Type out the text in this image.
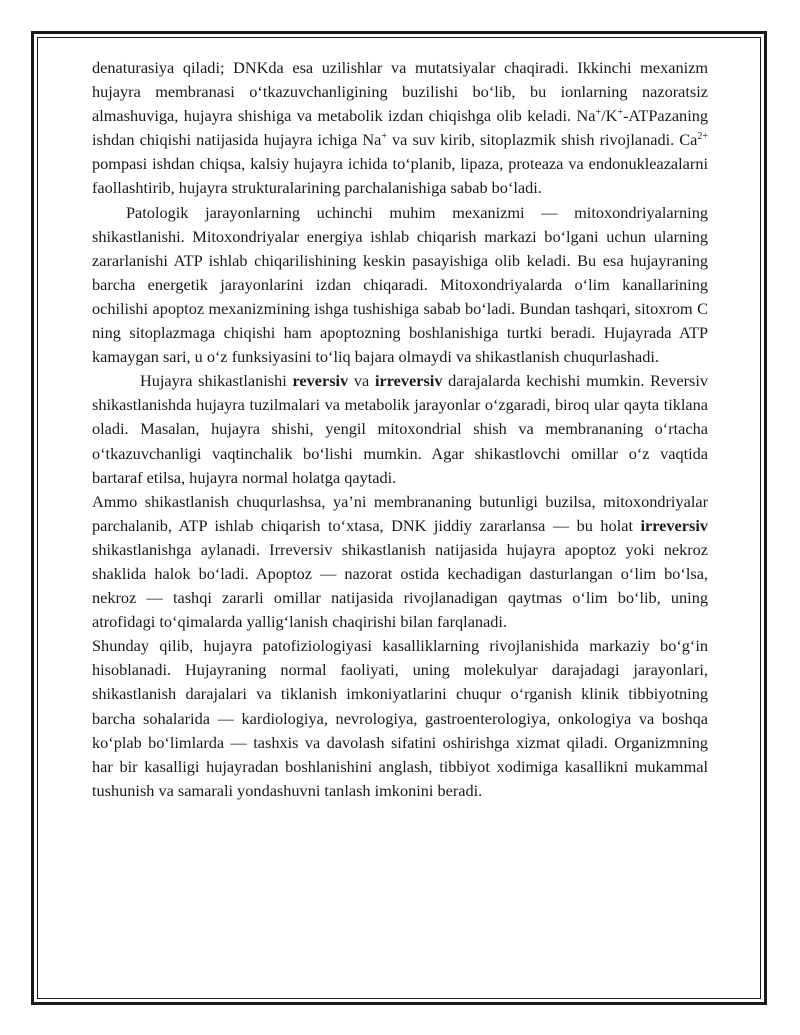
denaturasiya qiladi; DNKda esa uzilishlar va mutatsiyalar chaqiradi. Ikkinchi mexanizm hujayra membranasi o‘tkazuvchanligining buzilishi bo‘lib, bu ionlarning nazoratsiz almashuviga, hujayra shishiga va metabolik izdan chiqishga olib keladi. Na+/K+-ATPazaning ishdan chiqishi natijasida hujayra ichiga Na+ va suv kirib, sitoplazmik shish rivojlanadi. $Ca^{2+}$ pompasi ishdan chiqsa, kalsiy hujayra ichida to‘planib, lipaza, proteaza va endonukleazalarni faollashtirib, hujayra strukturalarining parchalanishiga sabab bo‘ladi.

Patologik jarayonlarning uchinchi muhim mexanizmi — mitoxondriyalarning shikastlanishi. Mitoxondriyalar energiya ishlab chiqarish markazi bo‘lgani uchun ularning zararlanishi ATP ishlab chiqarilishining keskin pasayishiga olib keladi. Bu esa hujayraning barcha energetik jarayonlarini izdan chiqaradi. Mitoxondriyalarda o‘lim kanallarining ochilishi apoptoz mexanizmining ishga tushishiga sabab bo‘ladi. Bundan tashqari, sitoxrom C ning sitoplazmaga chiqishi ham apoptozning boshlanishiga turtki beradi. Hujayrada ATP kamaygan sari, u o‘z funksiyasini to‘liq bajara olmaydi va shikastlanish chuqurlashadi.

Hujayra shikastlanishi reversiv va irreversiv darajalarda kechishi mumkin. Reversiv shikastlanishda hujayra tuzilmalari va metabolik jarayonlar o‘zgaradi, biroq ular qayta tiklana oladi. Masalan, hujayra shishi, yengil mitoxondrial shish va membrananing o‘rtacha o‘tkazuvchanligi vaqtinchalik bo‘lishi mumkin. Agar shikastlovchi omillar o‘z vaqtida bartaraf etilsa, hujayra normal holatga qaytadi.

Ammo shikastlanish chuqurlashsa, ya’ni membrananing butunligi buzilsa, mitoxondriyalar parchalanib, ATP ishlab chiqarish to‘xtasa, DNK jiddiy zararlansa — bu holat irreversiv shikastlanishga aylanadi. Irreversiv shikastlanish natijasida hujayra apoptoz yoki nekroz shaklida halok bo‘ladi. Apoptoz — nazorat ostida kechadigan dasturlangan o‘lim bo‘lsa, nekroz — tashqi zararli omillar natijasida rivojlanadigan qaytmas o‘lim bo‘lib, uning atrofidagi to‘qimalarda yallig‘lanish chaqirishi bilan farqlanadi.

Shunday qilib, hujayra patofiziologiyasi kasalliklarning rivojlanishida markaziy bo‘g‘in hisoblanadi. Hujayraning normal faoliyati, uning molekulyar darajadagi jarayonlari, shikastlanish darajalari va tiklanish imkoniyatlarini chuqur o‘rganish klinik tibbiyotning barcha sohalarida — kardiologiya, nevrologiya, gastroenterologiya, onkologiya va boshqa ko‘plab bo‘limlarda — tashxis va davolash sifatini oshirishga xizmat qiladi. Organizmning har bir kasalligi hujayradan boshlanishini anglash, tibbiyot xodimiga kasallikni mukammal tushunish va samarali yondashuvni tanlash imkonini beradi.
